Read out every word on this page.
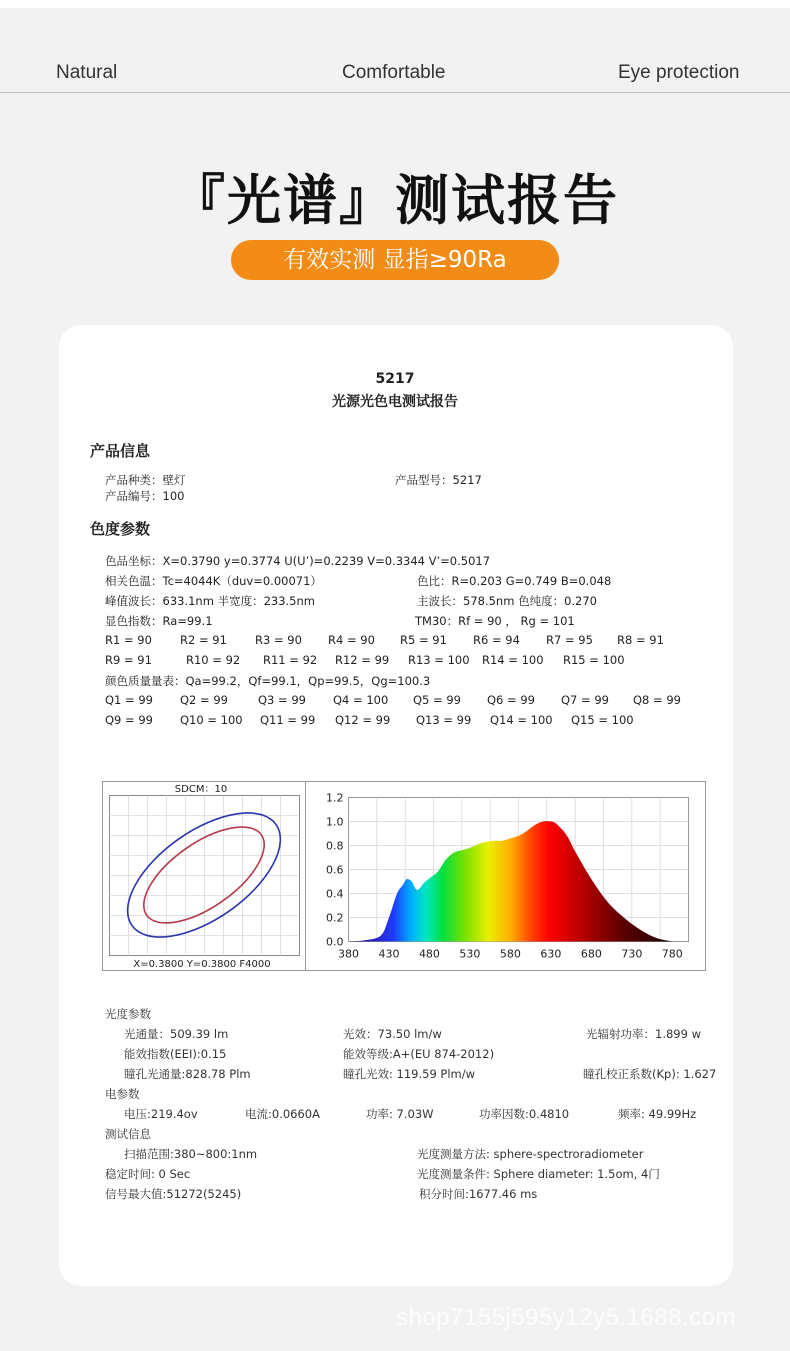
Natural	Comfortable	Eye protection
『光谱』测试报告
有效实测 显指≥90Ra
5217
光源光色电测试报告
产品信息
产品种类：壁灯	产品型号：5217
产品编号：100
色度参数
色品坐标：X=0.3790 y=0.3774 U(U’)=0.2239 V=0.3344 V’=0.5017
相关色温：Tc=4044K（duv=0.00071）	色比：R=0.203 G=0.749 B=0.048
峰值波长：633.1nm 半宽度：233.5nm	主波长：578.5nm 色纯度：0.270
显色指数：Ra=99.1	TM30：Rf = 90 ， Rg = 101
R1 = 90 R2 = 91 R3 = 90 R4 = 90 R5 = 91 R6 = 94 R7 = 95 R8 = 91
R9 = 91	R10 = 92 R11 = 92 R12 = 99 R13 = 100 R14 = 100 R15 = 100
颜色质量量表：Qa=99.2，Qf=99.1，Qp=99.5，Qg=100.3
Q1 = 99 Q2 = 99	Q3 = 99 Q4 = 100 Q5 = 99 Q6 = 99 Q7 = 99 Q8 = 99
Q9 = 99 Q10 = 100 Q11 = 99 Q12 = 99 Q13 = 99 Q14 = 100 Q15 = 100
SDCM：10
X=0.3800 Y=0.3800 F4000
0.0
0.2
0.4
0.6
0.8
1.0
1.2
380 430 480 530 580 630 680 730 780
光度参数
光通量：509.39 lm	光效：73.50 lm/w	光辐射功率：1.899 w
能效指数(EEI):0.15	能效等级:A+(EU 874-2012)
瞳孔光通量:828.78 Plm	瞳孔光效: 119.59 Plm/w	瞳孔校正系数(Kp): 1.627
电参数
电压:219.4ov	电流:0.0660A	功率: 7.03W	功率因数:0.4810	频率: 49.99Hz
测试信息
扫描范围:380~800:1nm	光度测量方法: sphere-spectroradiometer
稳定时间: 0 Sec	光度测量条件: Sphere diameter: 1.5om, 4门
信号最大值:51272(5245)	积分时间:1677.46 ms
shop7155j595y12y5.1688.com
